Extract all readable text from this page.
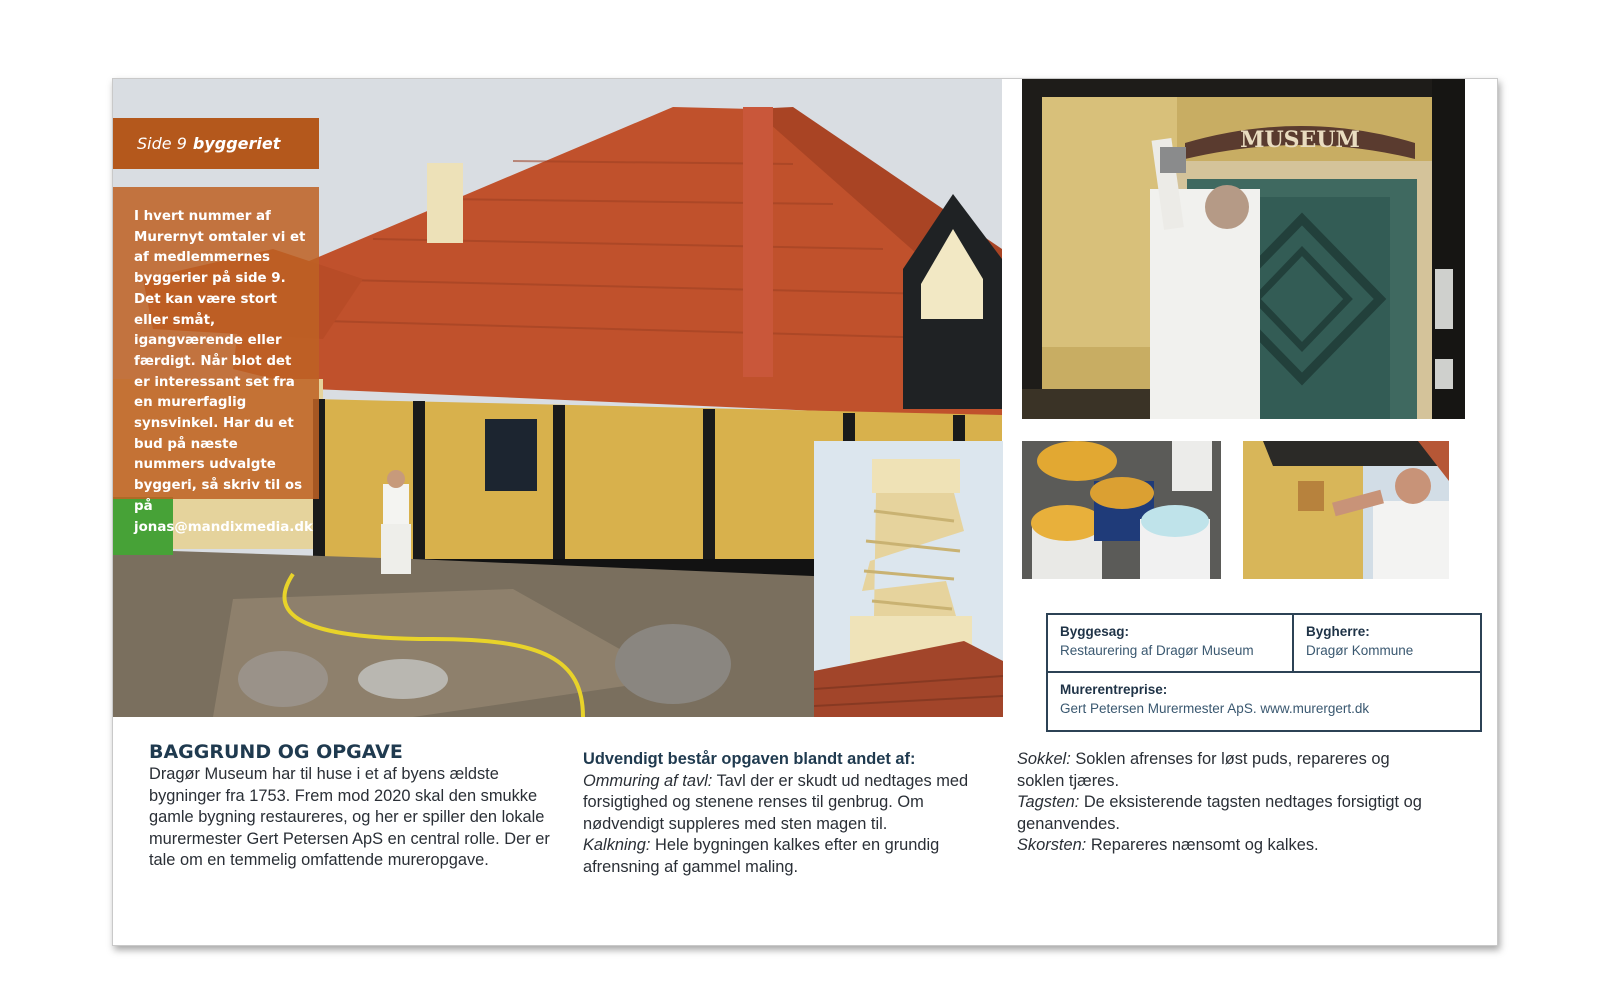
Side 9 byggeriet
I hvert nummer af Murernyt omtaler vi et af medlemmernes byggerier på side 9. Det kan være stort eller småt, igangværende eller færdigt. Når blot det er interessant set fra en murerfaglig synsvinkel. Har du et bud på næste nummers udvalgte byggeri, så skriv til os på jonas@mandixmedia.dk
MUSEUM
Byggesag:
Restaurering af Dragør Museum
Bygherre:
Dragør Kommune
Murerentreprise:
Gert Petersen Murermester ApS. www.murergert.dk
BAGGRUND OG OPGAVE
Dragør Museum har til huse i et af byens ældste bygninger fra 1753. Frem mod 2020 skal den smukke gamle bygning restaureres, og her er spiller den lokale murermester Gert Petersen ApS en central rolle. Der er tale om en temmelig omfattende mureropgave.
Udvendigt består opgaven blandt andet af:
Ommuring af tavl: Tavl der er skudt ud nedtages med forsigtighed og stenene renses til genbrug. Om nødvendigt suppleres med sten magen til.
Kalkning: Hele bygningen kalkes efter en grundig afrensning af gammel maling.
Sokkel: Soklen afrenses for løst puds, repareres og soklen tjæres.
Tagsten: De eksisterende tagsten nedtages forsigtigt og genanvendes.
Skorsten: Repareres nænsomt og kalkes.
